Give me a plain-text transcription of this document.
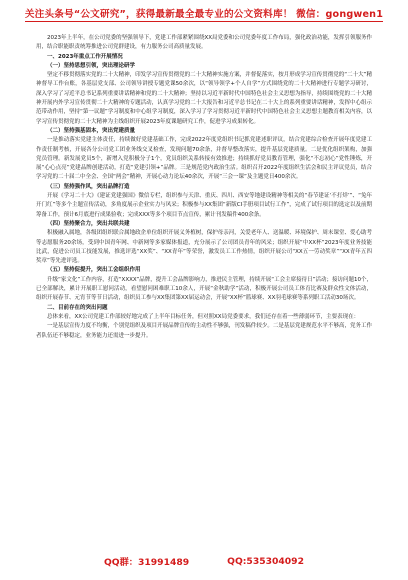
关注头条号“公文研究”，获得最新最全最专业的公文资料库！ 微信：gongwen1

2023年上半年，在公司党委的坚强领导下，党建工作部紧紧围绕XX局党委和公司党委年度工作布局，强化政治功能，发挥引领服务作用，结合职能职责统筹推进公司党群建设，有力服务公司高质量发展。

一、2023年重点工作开展情况

（一）坚持思想引领，突出理论研学

坚定不移贯彻落实党的二十大精神，印发学习宣传贯彻党的二十大精神实施方案，并督促落实，按月形成学习宣传贯彻党的“二十大”精神督导工作台账，各基层党支部、公司领导讲授专题党课50余次，以“领导领学+个人自学”方式围绕党的二十大精神进行专题学习研讨，深入学习了习近平总书记系列重要讲话精神和党的二十大精神；坚持以习近平新时代中国特色社会主义思想为指导，持续围绕党的二十大精神开展内外学习宣传贯彻二十大精神的专题活动，认真学习党的二十大报告和习近平总书记在二十大上的系列重要讲话精神，发挥中心组示范带动作用，坚持“第一议题”学习制度和中心组学习制度，深入学习了学习贯彻习近平新时代中国特色社会主义思想主题教育相关内容，以学习宣传贯彻党的二十大精神为主线组织开展2023年度课题研究工作，促进学习成果转化。

（二）坚持强基固本，突出党建质量

一是推动落实党建主体责任，持续做好党建基础工作，完成2022年度党组织书记抓党建述职评议，结合党建综合检查开展年度党建工作责任制考核，开展各分公司党工团业务线交叉检查，发现问题70余条，并督导整改落实，提升基层党建质量。二是优化组织架构，加强党员管理。新发展党员5个，新增入党积极分子1个，党员组织关系转接有效推进；持续抓好党员教育管理，强化“不忘初心”党性锤炼，开展“心心点亮”党建品牌创建活动，打造“党建引领+”品牌。三是规范党内政治生活。组织召开2022年度组织生活会和民主评议党员，结合学习党的二十届二中全会、全国“两会”精神，开展心动力论坛40余次，开展“三会一课”及主题党日400余次。

（三）坚持强作风，突出品牌打造

开展《学习二十大》《建证党建强国》微信专栏，组织参与天津、重庆、四川、西安等地建设精神等相关的“春节建证‘不打烊’”、“兔年开门红”等多个主题宣传活动，多角度展示企业实力与风采；积极参与XX集团“新版CI手册项目试行工作”，完成了试行项目的选定以及前期筹备工作，预计6月底进行成果验收；完成XXX等多个项目节点宣传，累计刊发稿件400余条。

（四）坚持聚合力，突出共联共建

积极融入属地，各级团组织联合属地政企单位组织开展义务植树，保护母亲河，关爱老年人、送温暖、环境保护、周末课堂、爱心助考等志愿服务20余场，受到中国青年网、中新网等多家媒体报道，充分展示了公司团员青年的风采；组织开展“中XX杯”2023年度业务技能比武，促进公司员工技能发展，推选评选“XX奖”、“XX青年”等荣誉，激发员工工作热情，组织开展公司“XX五一劳动奖章”“XX青年五四奖章”等先进评选。

（五）坚持促提升，突出工会组织作用

升级“家文化”工作内容，打造“XXXX”品牌，提升工会品牌影响力，推进民主管理，持续开展“工会主席接待日”活动；接访问题10个，已全部解决，累计开展职工慰问活动，看望慰问困难职工10余人，开展“金秋助学”活动，积极开展公司员工体育比赛及群众性文体活动，组织开展春节、元宵节等节日活动，组织员工参与XX集团第XX届运动会，开展“XX杯”篮球赛、XX羽毛球赛等系列职工活动30场次。

二、目前存在的突出问题

总体来看，XX公司党建工作部较好地完成了上半年目标任务，但对照XX局党委要求，我们还存在着一些薄弱环节，主要表现在：

一是基层宣传力度不均衡，个别党组织及项目开展品牌宣传的主动性不够强，刊发稿件较少。二是基层党建规范水平不够高，党务工作者队伍还不够稳定，业务能力还需进一步提升。

QQ群：31991489	QQ:535304092
